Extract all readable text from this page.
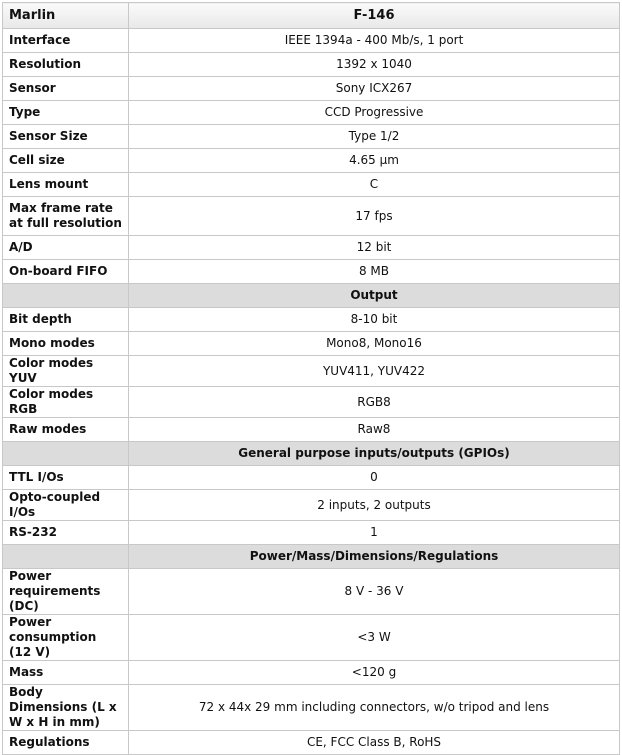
Marlin	F-146
Interface	IEEE 1394a - 400 Mb/s, 1 port
Resolution	1392 x 1040
Sensor	Sony ICX267
Type	CCD Progressive
Sensor Size	Type 1/2
Cell size	4.65 µm
Lens mount	C
Max frame rate at full resolution	17 fps
A/D	12 bit
On-board FIFO	8 MB
	Output
Bit depth	8-10 bit
Mono modes	Mono8, Mono16
Color modes YUV	YUV411, YUV422
Color modes RGB	RGB8
Raw modes	Raw8
	General purpose inputs/outputs (GPIOs)
TTL I/Os	0
Opto-coupled I/Os	2 inputs, 2 outputs
RS-232	1
	Power/Mass/Dimensions/Regulations
Power requirements (DC)	8 V - 36 V
Power consumption (12 V)	<3 W
Mass	<120 g
Body Dimensions (L x W x H in mm)	72 x 44x 29 mm including connectors, w/o tripod and lens
Regulations	CE, FCC Class B, RoHS
